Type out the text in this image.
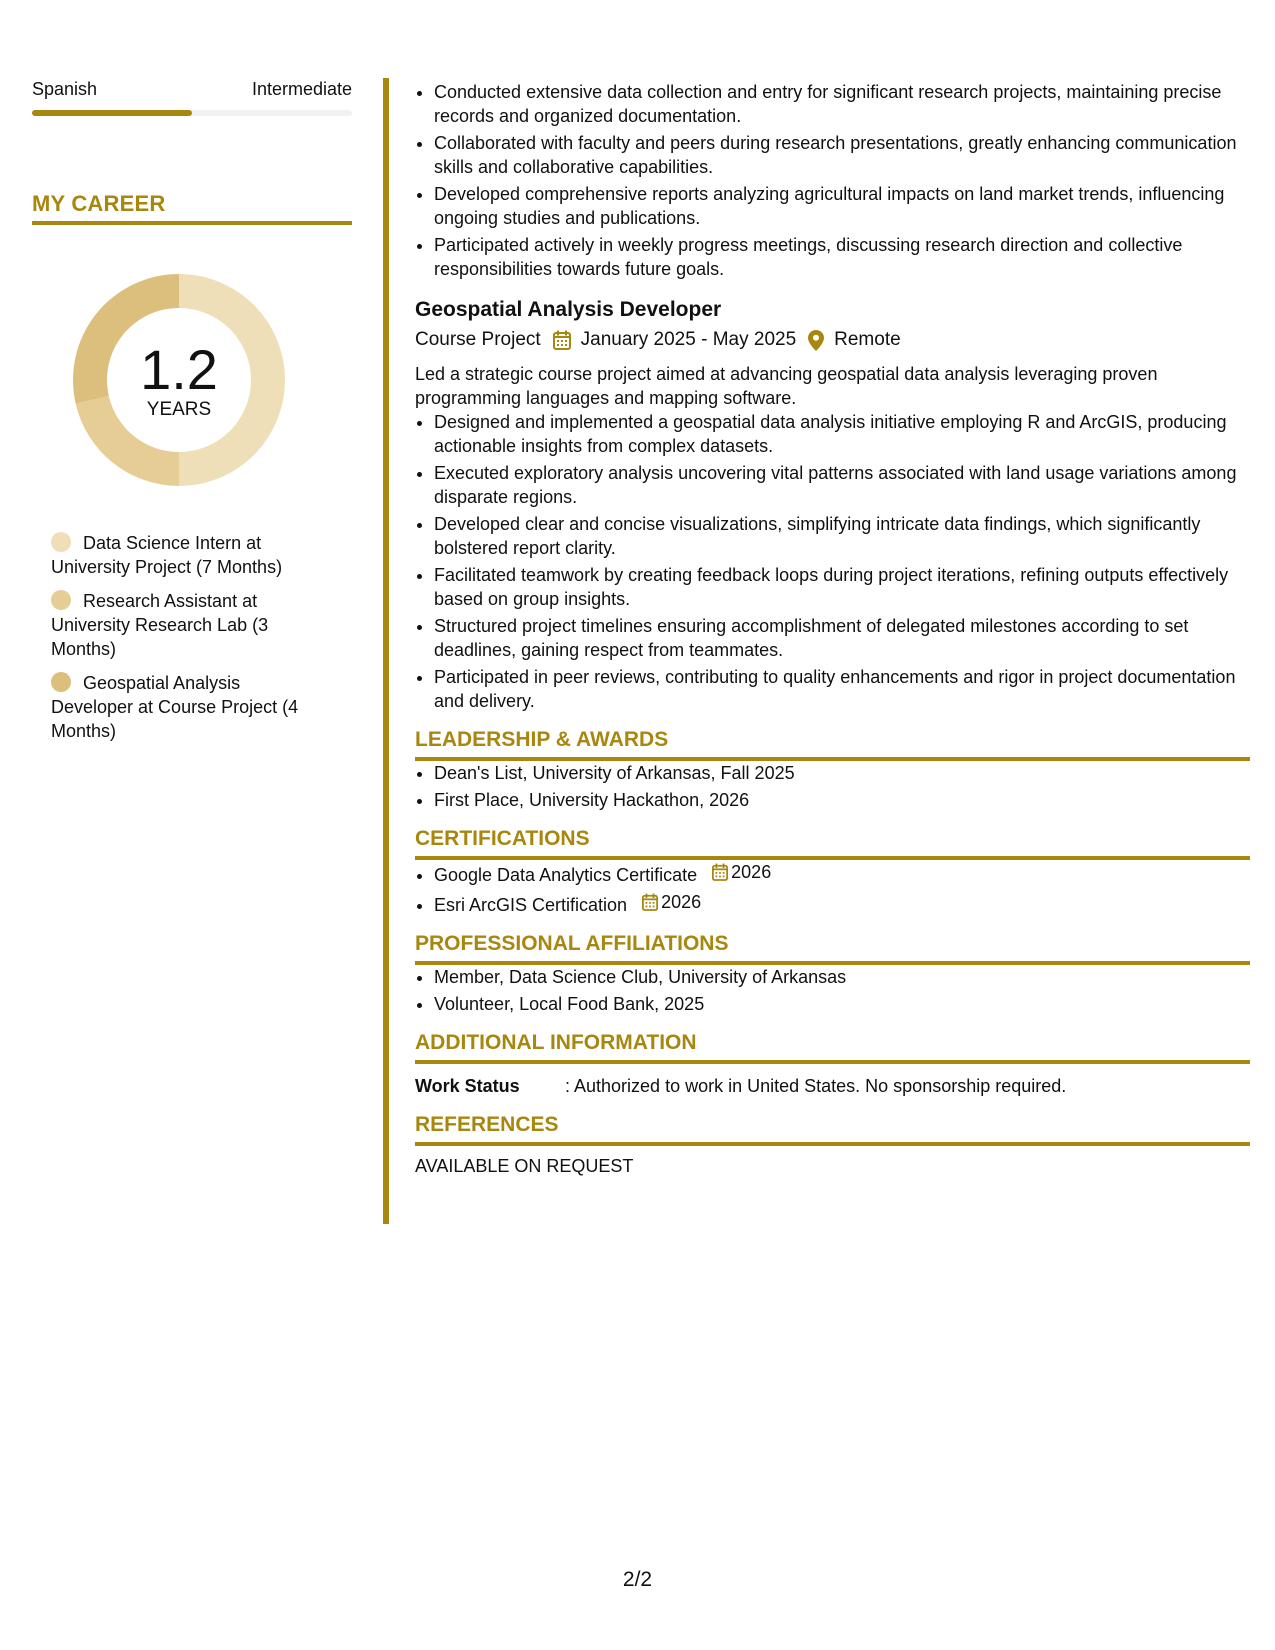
Spanish	Intermediate
MY CAREER
1.2
YEARS
Data Science Intern at University Project (7 Months)
Research Assistant at University Research Lab (3 Months)
Geospatial Analysis Developer at Course Project (4 Months)
• Conducted extensive data collection and entry for significant research projects, maintaining precise records and organized documentation.
• Collaborated with faculty and peers during research presentations, greatly enhancing communication skills and collaborative capabilities.
• Developed comprehensive reports analyzing agricultural impacts on land market trends, influencing ongoing studies and publications.
• Participated actively in weekly progress meetings, discussing research direction and collective responsibilities towards future goals.
Geospatial Analysis Developer
Course Project January 2025 - May 2025 Remote
Led a strategic course project aimed at advancing geospatial data analysis leveraging proven programming languages and mapping software.
• Designed and implemented a geospatial data analysis initiative employing R and ArcGIS, producing actionable insights from complex datasets.
• Executed exploratory analysis uncovering vital patterns associated with land usage variations among disparate regions.
• Developed clear and concise visualizations, simplifying intricate data findings, which significantly bolstered report clarity.
• Facilitated teamwork by creating feedback loops during project iterations, refining outputs effectively based on group insights.
• Structured project timelines ensuring accomplishment of delegated milestones according to set deadlines, gaining respect from teammates.
• Participated in peer reviews, contributing to quality enhancements and rigor in project documentation and delivery.
LEADERSHIP & AWARDS
• Dean's List, University of Arkansas, Fall 2025
• First Place, University Hackathon, 2026
CERTIFICATIONS
• Google Data Analytics Certificate 2026
• Esri ArcGIS Certification 2026
PROFESSIONAL AFFILIATIONS
• Member, Data Science Club, University of Arkansas
• Volunteer, Local Food Bank, 2025
ADDITIONAL INFORMATION
Work Status	: Authorized to work in United States. No sponsorship required.
REFERENCES
AVAILABLE ON REQUEST
2/2
